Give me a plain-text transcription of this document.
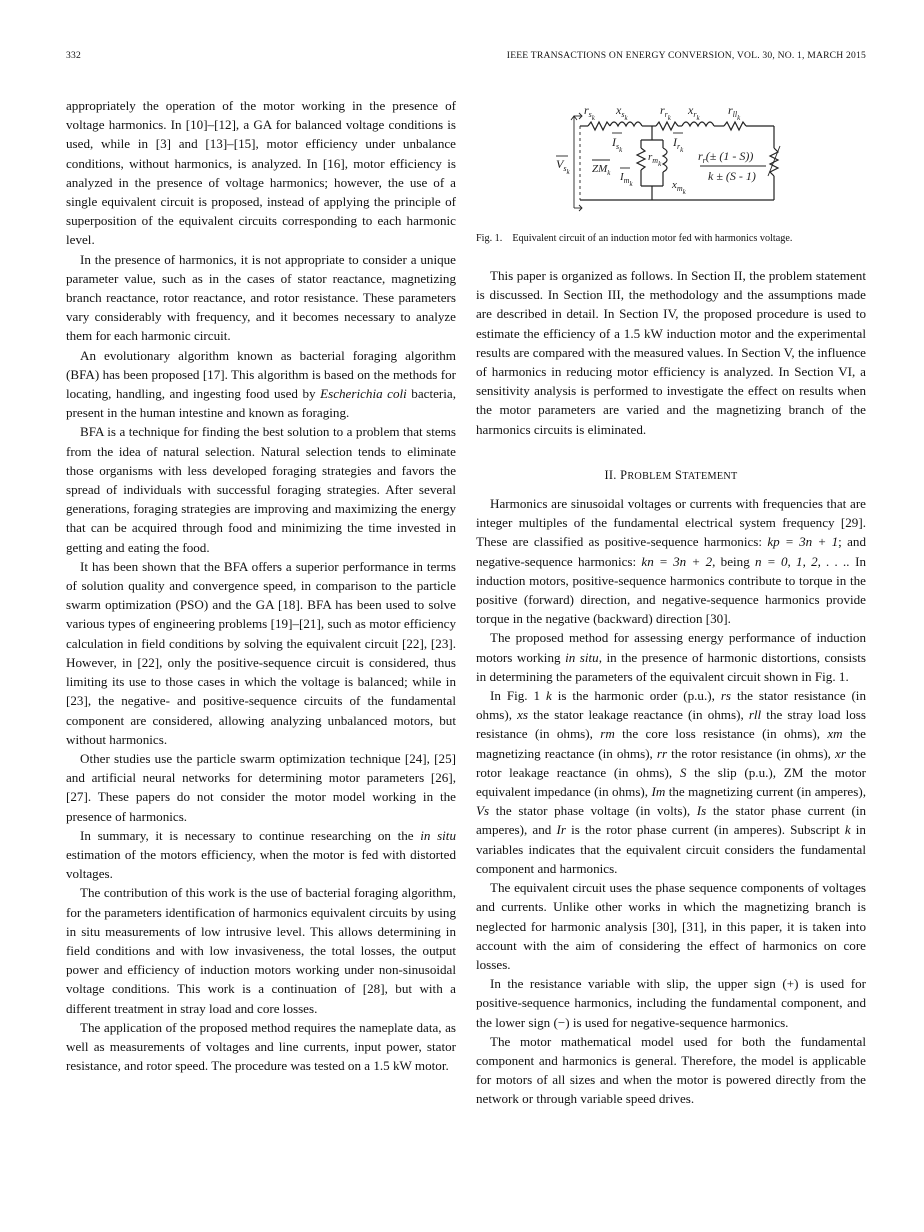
332	IEEE TRANSACTIONS ON ENERGY CONVERSION, VOL. 30, NO. 1, MARCH 2015

appropriately the operation of the motor working in the presence of voltage harmonics. In [10]–[12], a GA for balanced voltage conditions is used, while in [3] and [13]–[15], motor efficiency under unbalance conditions, without harmonics, is analyzed. In [16], motor efficiency is analyzed in the presence of voltage harmonics; however, the use of a single equivalent circuit is proposed, instead of applying the principle of superposition of the equivalent circuits corresponding to each harmonic level.

In the presence of harmonics, it is not appropriate to consider a unique parameter value, such as in the cases of stator reactance, magnetizing branch reactance, rotor reactance, and rotor resistance. These parameters vary considerably with frequency, and it becomes necessary to analyze them for each harmonic circuit.

An evolutionary algorithm known as bacterial foraging algorithm (BFA) has been proposed [17]. This algorithm is based on the methods for locating, handling, and ingesting food used by Escherichia coli bacteria, present in the human intestine and known as foraging.

BFA is a technique for finding the best solution to a problem that stems from the idea of natural selection. Natural selection tends to eliminate those organisms with less developed foraging strategies and favors the spread of individuals with successful foraging strategies. After several generations, foraging strategies are improving and maximizing the energy that can be acquired through food and minimizing the time invested in getting and eating the food.

It has been shown that the BFA offers a superior performance in terms of solution quality and convergence speed, in comparison to the particle swarm optimization (PSO) and the GA [18]. BFA has been used to solve various types of engineering problems [19]–[21], such as motor efficiency calculation in field conditions by solving the equivalent circuit [22], [23]. However, in [22], only the positive-sequence circuit is considered, thus limiting its use to those cases in which the voltage is balanced; while in [23], the negative- and positive-sequence circuits of the fundamental component are considered, allowing analyzing unbalanced motors, but without harmonics.

Other studies use the particle swarm optimization technique [24], [25] and artificial neural networks for determining motor parameters [26], [27]. These papers do not consider the motor model working in the presence of harmonics.

In summary, it is necessary to continue researching on the in situ estimation of the motors efficiency, when the motor is fed with distorted voltages.

The contribution of this work is the use of bacterial foraging algorithm, for the parameters identification of harmonics equivalent circuits by using in situ measurements of low intrusive level. This allows determining in field conditions and with low invasiveness, the total losses, the output power and efficiency of induction motors working under non-sinusoidal voltage conditions. This work is a continuation of [28], but with a different treatment in stray load and core losses.

The application of the proposed method requires the nameplate data, as well as measurements of voltages and line currents, input power, stator resistance, and rotor speed. The procedure was tested on a 1.5 kW motor.

$r_{sk}$
$x_{sk}$
$r_{rk}$
$x_{rk}$
$r_{llk}$
$I_{sk}$
$I_{rk}$
$r_{mk}$
$x_{mk}$
$I_{mk}$
$ZM_k$
$V_{sk}$
$r_r(\pm (1 - S))$
k ± (S - 1)
Fig. 1. Equivalent circuit of an induction motor fed with harmonics voltage.

This paper is organized as follows. In Section II, the problem statement is discussed. In Section III, the methodology and the assumptions made are described in detail. In Section IV, the proposed procedure is used to estimate the efficiency of a 1.5 kW induction motor and the experimental results are compared with the measured values. In Section V, the influence of harmonics in reducing motor efficiency is analyzed. In Section VI, a sensitivity analysis is performed to investigate the effect on results when the motor parameters are varied and the magnetizing branch of the harmonics circuits is eliminated.

II. PROBLEM STATEMENT

Harmonics are sinusoidal voltages or currents with frequencies that are integer multiples of the fundamental electrical system frequency [29]. These are classified as positive-sequence harmonics: kp = 3n + 1; and negative-sequence harmonics: kn = 3n + 2, being n = 0, 1, 2, . . .. In induction motors, positive-sequence harmonics contribute to torque in the positive (forward) direction, and negative-sequence harmonics provide torque in the negative (backward) direction [30].

The proposed method for assessing energy performance of induction motors working in situ, in the presence of harmonic distortions, consists in determining the parameters of the equivalent circuit shown in Fig. 1.

In Fig. 1 k is the harmonic order (p.u.), rs the stator resistance (in ohms), xs the stator leakage reactance (in ohms), rll the stray load loss resistance (in ohms), rm the core loss resistance (in ohms), xm the magnetizing reactance (in ohms), rr the rotor resistance (in ohms), xr the rotor leakage reactance (in ohms), S the slip (p.u.), ZM the motor equivalent impedance (in ohms), Im the magnetizing current (in amperes), Vs the stator phase voltage (in volts), Is the stator phase current (in amperes), and Ir is the rotor phase current (in amperes). Subscript k in variables indicates that the equivalent circuit considers the fundamental component and harmonics.

The equivalent circuit uses the phase sequence components of voltages and currents. Unlike other works in which the magnetizing branch is neglected for harmonic analysis [30], [31], in this paper, it is taken into account with the aim of considering the effect of harmonics on core losses.

In the resistance variable with slip, the upper sign (+) is used for positive-sequence harmonics, including the fundamental component, and the lower sign (−) is used for negative-sequence harmonics.

The motor mathematical model used for both the fundamental component and harmonics is general. Therefore, the model is applicable for motors of all sizes and when the motor is powered directly from the network or through variable speed drives.
